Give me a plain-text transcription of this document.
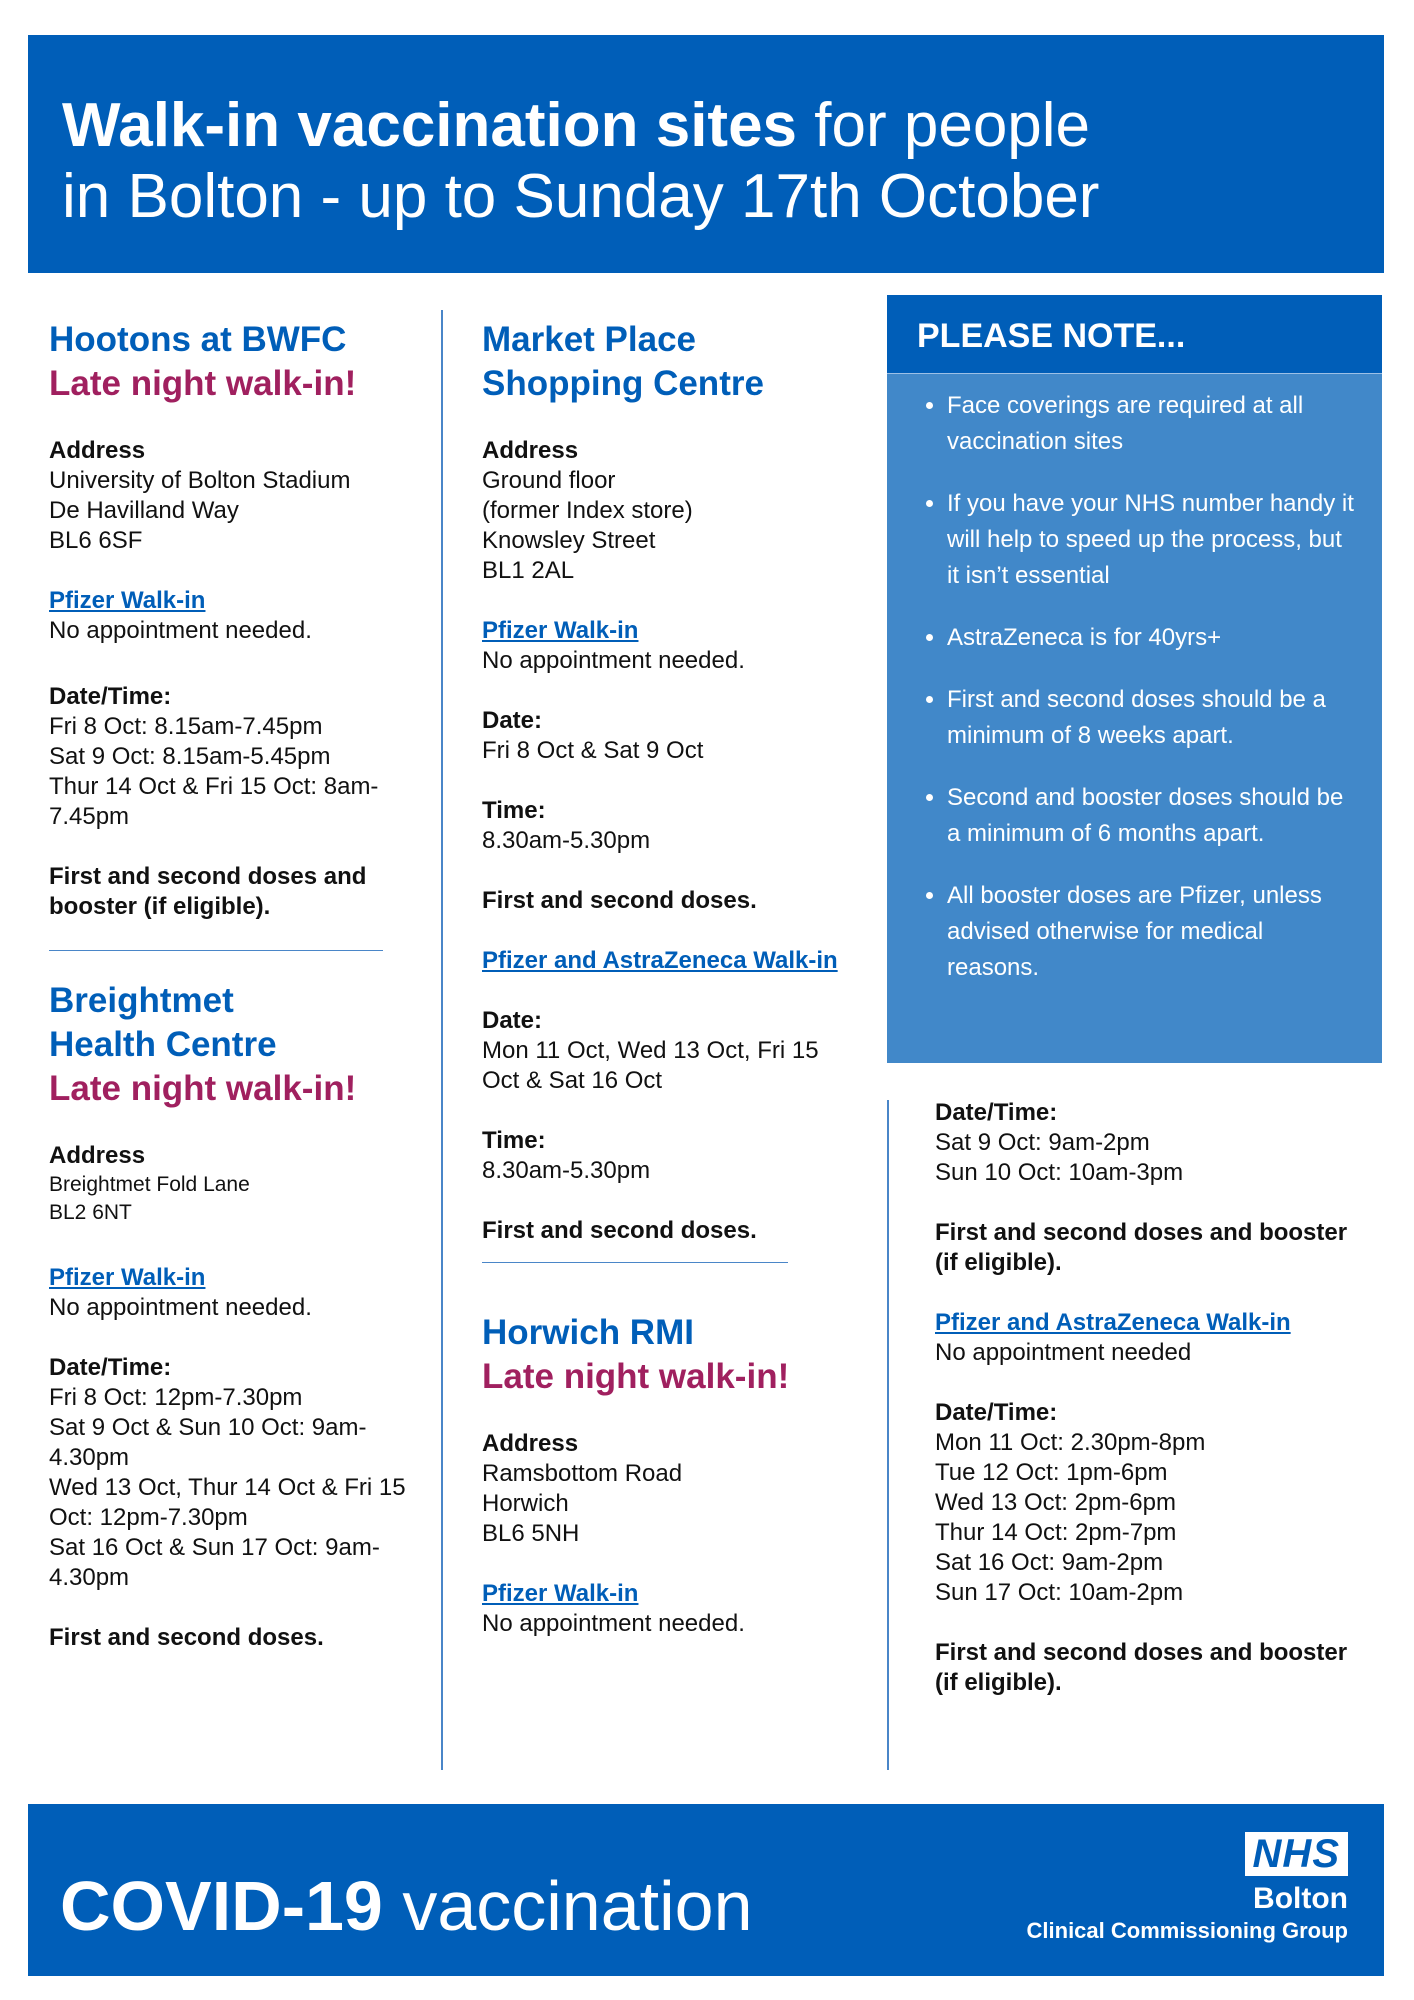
Walk-in vaccination sites for people
in Bolton - up to Sunday 17th October

Hootons at BWFC

Late night walk-in!

Address

University of Bolton Stadium

De Havilland Way

BL6 6SF

Pfizer Walk-in

No appointment needed.

Date/Time:

Fri 8 Oct: 8.15am-7.45pm

Sat 9 Oct: 8.15am-5.45pm

Thur 14 Oct & Fri 15 Oct: 8am-7.45pm

First and second doses and booster (if eligible).

Breightmet

Health Centre

Late night walk-in!

Address

Breightmet Fold Lane

BL2 6NT

Pfizer Walk-in

No appointment needed.

Date/Time:

Fri 8 Oct: 12pm-7.30pm

Sat 9 Oct & Sun 10 Oct: 9am-4.30pm

Wed 13 Oct, Thur 14 Oct & Fri 15 Oct: 12pm-7.30pm

Sat 16 Oct & Sun 17 Oct: 9am-4.30pm

First and second doses.

Market Place

Shopping Centre

Address

Ground floor

(former Index store)

Knowsley Street

BL1 2AL

Pfizer Walk-in

No appointment needed.

Date:

Fri 8 Oct & Sat 9 Oct

Time:

8.30am-5.30pm

First and second doses.

Pfizer and AstraZeneca Walk-in

Date:

Mon 11 Oct, Wed 13 Oct, Fri 15 Oct & Sat 16 Oct

Time:

8.30am-5.30pm

First and second doses.

Horwich RMI

Late night walk-in!

Address

Ramsbottom Road

Horwich

BL6 5NH

Pfizer Walk-in

No appointment needed.

PLEASE NOTE...
• Face coverings are required at all vaccination sites
• If you have your NHS number handy it will help to speed up the process, but it isn’t essential
• AstraZeneca is for 40yrs+
• First and second doses should be a minimum of 8 weeks apart.
• Second and booster doses should be a minimum of 6 months apart.
• All booster doses are Pfizer, unless advised otherwise for medical reasons.

Date/Time:

Sat 9 Oct: 9am-2pm

Sun 10 Oct: 10am-3pm

First and second doses and booster (if eligible).

Pfizer and AstraZeneca Walk-in

No appointment needed

Date/Time:

Mon 11 Oct: 2.30pm-8pm

Tue 12 Oct: 1pm-6pm

Wed 13 Oct: 2pm-6pm

Thur 14 Oct: 2pm-7pm

Sat 16 Oct: 9am-2pm

Sun 17 Oct: 10am-2pm

First and second doses and booster (if eligible).

COVID-19 vaccination
NHS
Bolton
Clinical Commissioning Group
